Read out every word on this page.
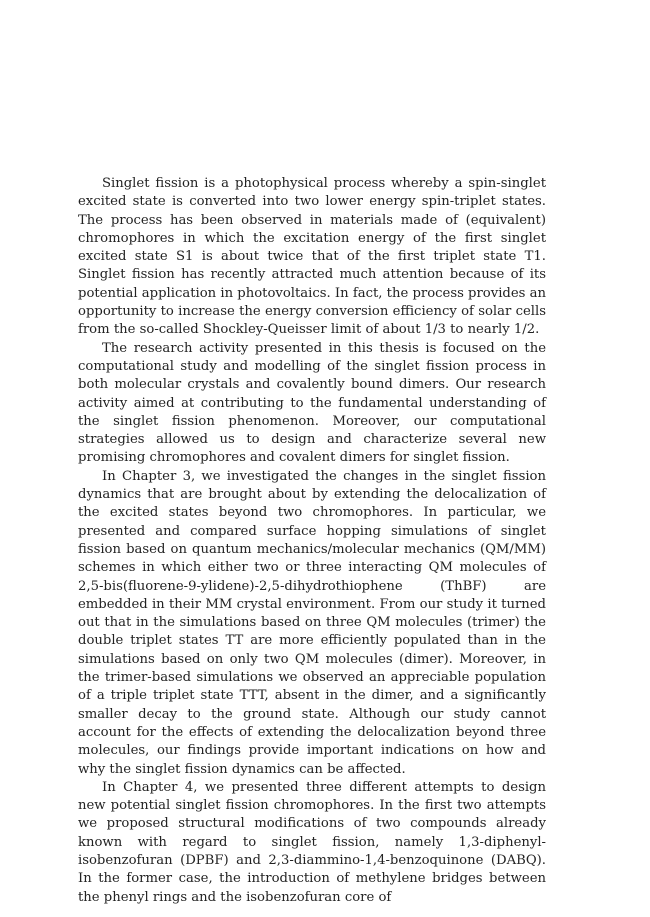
Singlet fission is a photophysical process whereby a spin-singlet excited state is converted into two lower energy spin-triplet states. The process has been observed in materials made of (equivalent) chromophores in which the excitation energy of the first singlet excited state S1 is about twice that of the first triplet state T1. Singlet fission has recently attracted much attention because of its potential application in photovoltaics. In fact, the process provides an opportunity to increase the energy conversion efficiency of solar cells from the so-called Shockley-Queisser limit of about 1/3 to nearly 1/2.

The research activity presented in this thesis is focused on the computational study and modelling of the singlet fission process in both molecular crystals and covalently bound dimers. Our research activity aimed at contributing to the fundamental understanding of the singlet fission phenomenon. Moreover, our computational strategies allowed us to design and characterize several new promising chromophores and covalent dimers for singlet fission.

In Chapter 3, we investigated the changes in the singlet fission dynamics that are brought about by extending the delocalization of the excited states beyond two chromophores. In particular, we presented and compared surface hopping simulations of singlet fission based on quantum mechanics/molecular mechanics (QM/MM) schemes in which either two or three interacting QM molecules of 2,5-bis(fluorene-9-ylidene)-2,5-dihydrothiophene (ThBF) are embedded in their MM crystal environment. From our study it turned out that in the simulations based on three QM molecules (trimer) the double triplet states TT are more efficiently populated than in the simulations based on only two QM molecules (dimer). Moreover, in the trimer-based simulations we observed an appreciable population of a triple triplet state TTT, absent in the dimer, and a significantly smaller decay to the ground state. Although our study cannot account for the effects of extending the delocalization beyond three molecules, our findings provide important indications on how and why the singlet fission dynamics can be affected.

In Chapter 4, we presented three different attempts to design new potential singlet fission chromophores. In the first two attempts we proposed structural modifications of two compounds already known with regard to singlet fission, namely 1,3-diphenyl-isobenzofuran (DPBF) and 2,3-diammino-1,4-benzoquinone (DABQ). In the former case, the introduction of methylene bridges between the phenyl rings and the isobenzofuran core of
